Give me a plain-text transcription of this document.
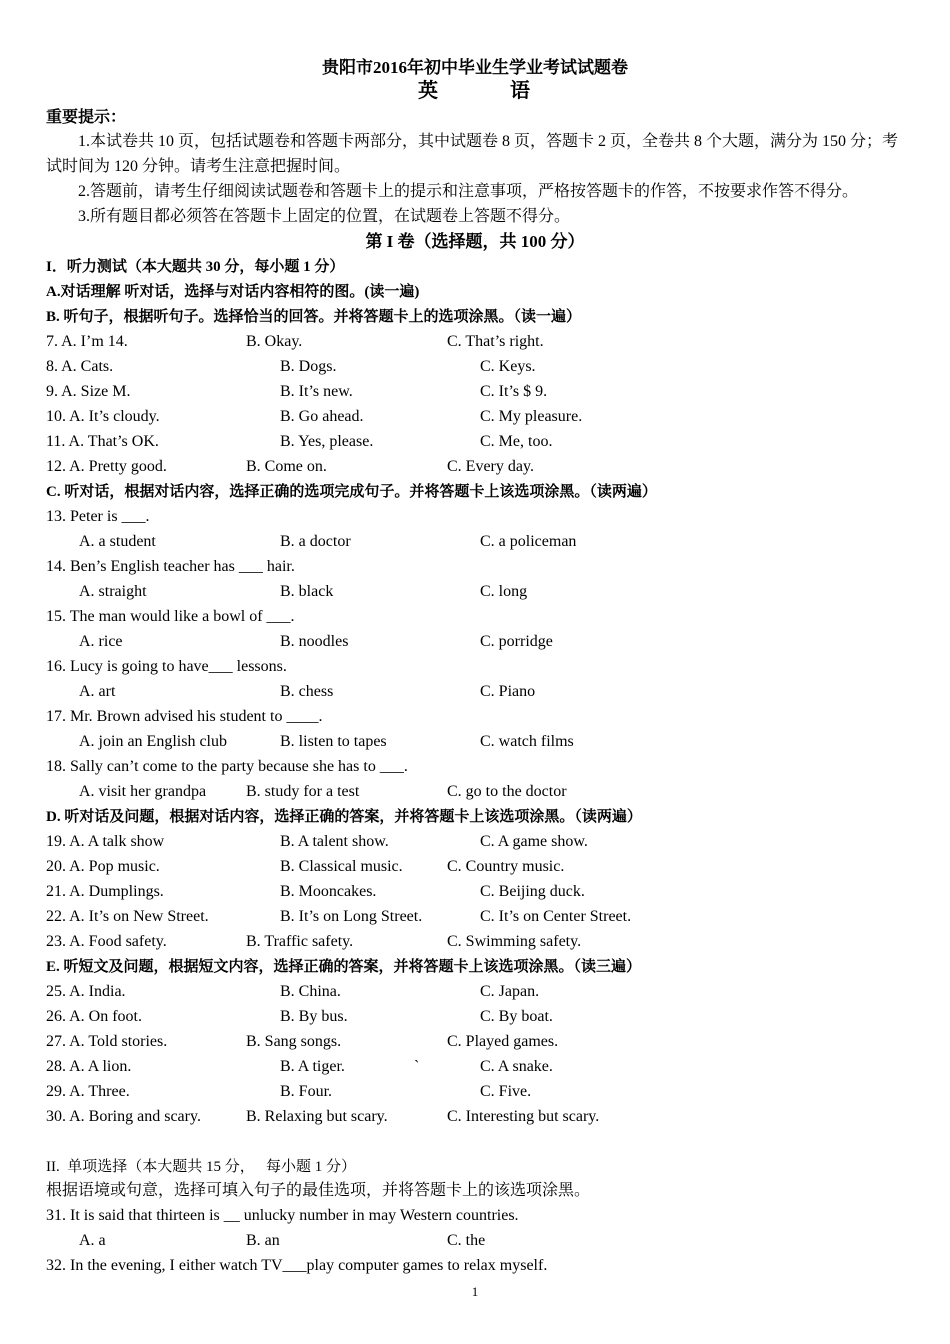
贵阳市2016年初中毕业生学业考试试题卷
英          语
重要提示：
1.本试卷共 10 页，包括试题卷和答题卡两部分，其中试题卷 8 页，答题卡 2 页，全卷共 8 个大题，满分为 150 分；考试时间为 120 分钟。请考生注意把握时间。
2.答题前，请考生仔细阅读试题卷和答题卡上的提示和注意事项，严格按答题卡的作答，不按要求作答不得分。
3.所有题目都必须答在答题卡上固定的位置，在试题卷上答题不得分。
第 I 卷（选择题，共 100 分）
I．听力测试（本大题共 30 分，每小题 1 分）
A.对话理解 听对话，选择与对话内容相符的图。(读一遍)
B. 听句子，根据听句子。选择恰当的回答。并将答题卡上的选项涂黑。（读一遍）
7. A. I’m 14.	B. Okay.	C. That’s right.
8. A. Cats.	B. Dogs.	C. Keys.
9. A. Size M.	B. It’s new.	C. It’s $ 9.
10. A. It’s cloudy.	B. Go ahead.	C. My pleasure.
11. A. That’s OK.	B. Yes, please.	C. Me, too.
12. A. Pretty good.	B. Come on.	C. Every day.
C. 听对话，根据对话内容，选择正确的选项完成句子。并将答题卡上该选项涂黑。（读两遍）
13. Peter is ___.
A. a student	B. a doctor	C. a policeman
14. Ben’s English teacher has ___ hair.
A. straight	B. black	C. long
15. The man would like a bowl of ___.
A. rice	B. noodles	C. porridge
16. Lucy is going to have___ lessons.
A. art	B. chess	C. Piano
17. Mr. Brown advised his student to ____.
A. join an English club	B. listen to tapes	C. watch films
18. Sally can’t come to the party because she has to ___.
A. visit her grandpa B. study for a test	C. go to the doctor
D. 听对话及问题，根据对话内容，选择正确的答案，并将答题卡上该选项涂黑。（读两遍）
19. A. A talk show	B. A talent show.	C. A game show.
20. A. Pop music.	B. Classical music.	C. Country music.
21. A. Dumplings.	B. Mooncakes.	C. Beijing duck.
22. A. It’s on New Street.	B. It’s on Long Street.	C. It’s on Center Street.
23. A. Food safety.	B. Traffic safety.	C. Swimming safety.
E. 听短文及问题，根据短文内容，选择正确的答案，并将答题卡上该选项涂黑。（读三遍）
25. A. India.	B. China.	C. Japan.
26. A. On foot.	B. By bus.	C. By boat.
27. A. Told stories.	B. Sang songs.	C. Played games.
28. A. A lion.	B. A tiger.	`	C. A snake.
29. A. Three.	B. Four.	C. Five.
30. A. Boring and scary.	B. Relaxing but scary.	C. Interesting but scary.
II.  单项选择（本大题共 15 分，   每小题 1 分）
根据语境或句意，选择可填入句子的最佳选项，并将答题卡上的该选项涂黑。
31. It is said that thirteen is __ unlucky number in may Western countries.
A. a	B. an	C. the
32. In the evening, I either watch TV___play computer games to relax myself.
1
